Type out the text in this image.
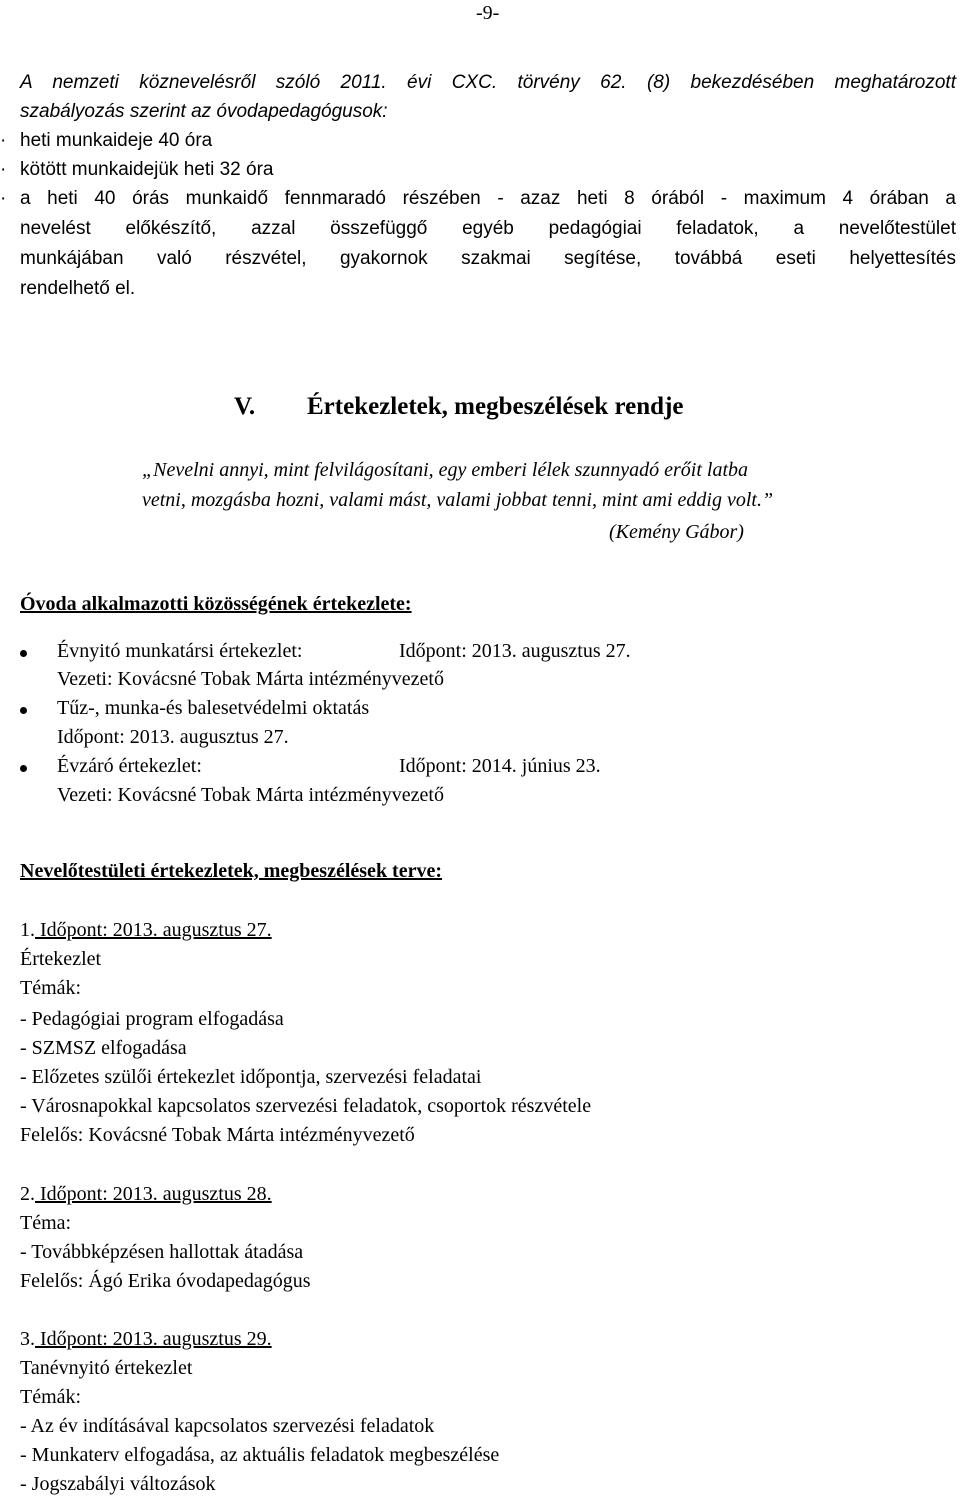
-9-
A nemzeti köznevelésről szóló 2011. évi CXC. törvény 62. (8) bekezdésében meghatározott
szabályozás szerint az óvodapedagógusok:
· heti munkaideje 40 óra
· kötött munkaidejük heti 32 óra
· a heti 40 órás munkaidő fennmaradó részében - azaz heti 8 órából - maximum 4 órában a
nevelést előkészítő, azzal összefüggő egyéb pedagógiai feladatok, a nevelőtestület
munkájában való részvétel, gyakornok szakmai segítése, továbbá eseti helyettesítés
rendelhető el.
V. Értekezletek, megbeszélések rendje
„Nevelni annyi, mint felvilágosítani, egy emberi lélek szunnyadó erőit latba
vetni, mozgásba hozni, valami mást, valami jobbat tenni, mint ami eddig volt.”
(Kemény Gábor)
Óvoda alkalmazotti közösségének értekezlete:
Évnyitó munkatársi értekezlet:	Időpont: 2013. augusztus 27.
Vezeti: Kovácsné Tobak Márta intézményvezető
Tűz-, munka-és balesetvédelmi oktatás
Időpont: 2013. augusztus 27.
Évzáró értekezlet:	Időpont: 2014. június 23.
Vezeti: Kovácsné Tobak Márta intézményvezető
Nevelőtestületi értekezletek, megbeszélések terve:
1. Időpont: 2013. augusztus 27.
Értekezlet
Témák:
- Pedagógiai program elfogadása
- SZMSZ elfogadása
- Előzetes szülői értekezlet időpontja, szervezési feladatai
- Városnapokkal kapcsolatos szervezési feladatok, csoportok részvétele
Felelős: Kovácsné Tobak Márta intézményvezető
2. Időpont: 2013. augusztus 28.
Téma:
- Továbbképzésen hallottak átadása
Felelős: Ágó Erika óvodapedagógus
3. Időpont: 2013. augusztus 29.
Tanévnyitó értekezlet
Témák:
- Az év indításával kapcsolatos szervezési feladatok
- Munkaterv elfogadása, az aktuális feladatok megbeszélése
- Jogszabályi változások
